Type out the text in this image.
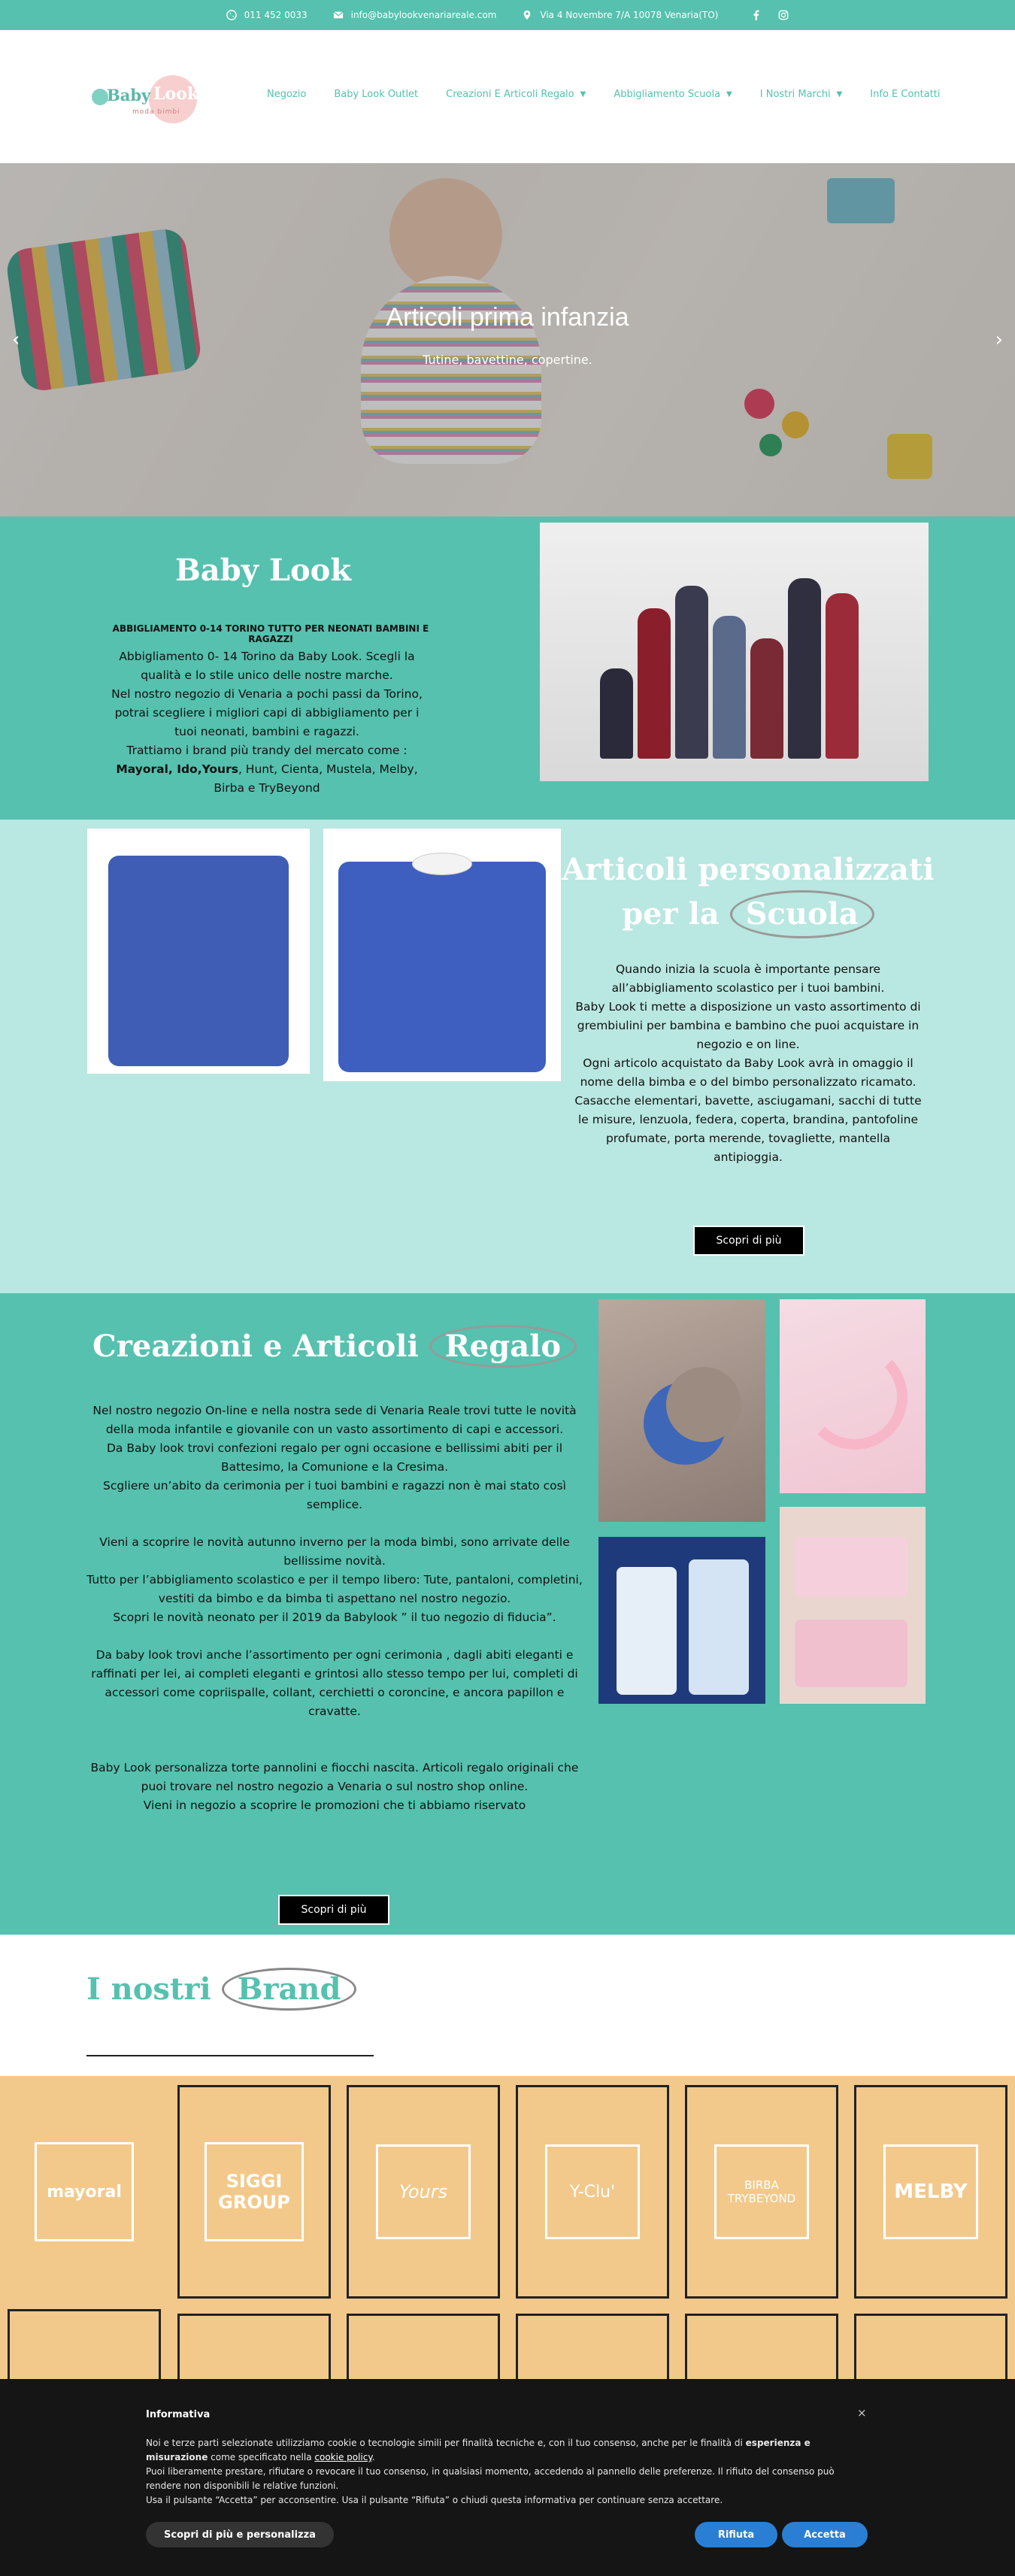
011 452 0033	info@babylookvenariareale.com	Via 4 Novembre 7/A 10078 Venaria(TO)
Baby Look
moda bimbi
Negozio	Baby Look Outlet	Creazioni E Articoli Regalo ▼	Abbigliamento Scuola ▼	I Nostri Marchi ▼	Info E Contatti
Articoli prima infanzia

Tutine, bavettine, copertine.

‹	›
Baby Look
ABBIGLIAMENTO 0-14 TORINO TUTTO PER NEONATI BAMBINI E RAGAZZI
Abbigliamento 0- 14 Torino da Baby Look. Scegli la qualità e lo stile unico delle nostre marche.
Nel nostro negozio di Venaria a pochi passi da Torino, potrai scegliere i migliori capi di abbigliamento per i tuoi neonati, bambini e ragazzi.
Trattiamo i brand più trandy del mercato come : Mayoral, Ido,Yours, Hunt, Cienta, Mustela, Melby, Birba e TryBeyond
Articoli personalizzati
per la Scuola
Quando inizia la scuola è importante pensare all’abbigliamento scolastico per i tuoi bambini.
Baby Look ti mette a disposizione un vasto assortimento di grembiulini per bambina e bambino che puoi acquistare in negozio e on line.
Ogni articolo acquistato da Baby Look avrà in omaggio il nome della bimba e o del bimbo personalizzato ricamato.
Casacche elementari, bavette, asciugamani, sacchi di tutte le misure, lenzuola, federa, coperta, brandina, pantofoline profumate, porta merende, tovagliette, mantella antipioggia.
Scopri di più
Creazioni e Articoli Regalo
Nel nostro negozio On-line e nella nostra sede di Venaria Reale trovi tutte le novità della moda infantile e giovanile con un vasto assortimento di capi e accessori.
Da Baby look trovi confezioni regalo per ogni occasione e bellissimi abiti per il Battesimo, la Comunione e la Cresima.
Scgliere un’abito da cerimonia per i tuoi bambini e ragazzi non è mai stato così semplice.
Vieni a scoprire le novità autunno inverno per la moda bimbi, sono arrivate delle bellissime novità.
Tutto per l’abbigliamento scolastico e per il tempo libero: Tute, pantaloni, completini, vestiti da bimbo e da bimba ti aspettano nel nostro negozio.
Scopri le novità neonato per il 2019 da Babylook ” il tuo negozio di fiducia”.
Da baby look trovi anche l’assortimento per ogni cerimonia , dagli abiti eleganti e raffinati per lei, ai completi eleganti e grintosi allo stesso tempo per lui, completi di accessori come copriispalle, collant, cerchietti o coroncine, e ancora papillon e cravatte.
Baby Look personalizza torte pannolini e fiocchi nascita. Articoli regalo originali che puoi trovare nel nostro negozio a Venaria o sul nostro shop online.
Vieni in negozio a scoprire le promozioni che ti abbiamo riservato
Scopri di più
I nostri Brand
mayoral	SIGGI GROUP	Yours	Y-Clu'	BIRBA TRYBEYOND	MELBY
Informativa	×
Noi e terze parti selezionate utilizziamo cookie o tecnologie simili per finalità tecniche e, con il tuo consenso, anche per le finalità di esperienza e misurazione come specificato nella cookie policy.
Puoi liberamente prestare, rifiutare o revocare il tuo consenso, in qualsiasi momento, accedendo al pannello delle preferenze. Il rifiuto del consenso può rendere non disponibili le relative funzioni.
Usa il pulsante “Accetta” per acconsentire. Usa il pulsante “Rifiuta” o chiudi questa informativa per continuare senza accettare.
Scopri di più e personalizza	Rifiuta	Accetta
